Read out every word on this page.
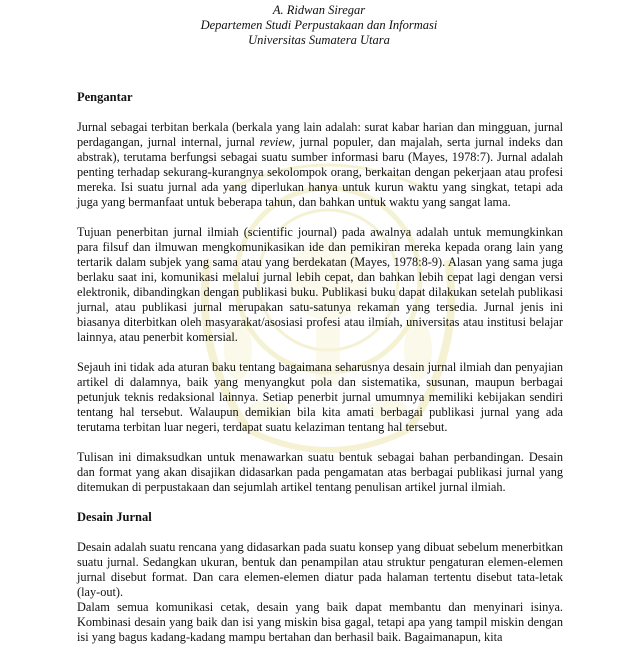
A. Ridwan Siregar
Departemen Studi Perpustakaan dan Informasi
Universitas Sumatera Utara
Pengantar

Jurnal sebagai terbitan berkala (berkala yang lain adalah: surat kabar harian dan mingguan, jurnal perdagangan, jurnal internal, jurnal review, jurnal populer, dan majalah, serta jurnal indeks dan abstrak), terutama berfungsi sebagai suatu sumber informasi baru (Mayes, 1978:7). Jurnal adalah penting terhadap sekurang-kurangnya sekolompok orang, berkaitan dengan pekerjaan atau profesi mereka. Isi suatu jurnal ada yang diperlukan hanya untuk kurun waktu yang singkat, tetapi ada juga yang bermanfaat untuk beberapa tahun, dan bahkan untuk waktu yang sangat lama.

Tujuan penerbitan jurnal ilmiah (scientific journal) pada awalnya adalah untuk memungkinkan para filsuf dan ilmuwan mengkomunikasikan ide dan pemikiran mereka kepada orang lain yang tertarik dalam subjek yang sama atau yang berdekatan (Mayes, 1978:8-9). Alasan yang sama juga berlaku saat ini, komunikasi melalui jurnal lebih cepat, dan bahkan lebih cepat lagi dengan versi elektronik, dibandingkan dengan publikasi buku. Publikasi buku dapat dilakukan setelah publikasi jurnal, atau publikasi jurnal merupakan satu-satunya rekaman yang tersedia. Jurnal jenis ini biasanya diterbitkan oleh masyarakat/asosiasi profesi atau ilmiah, universitas atau institusi belajar lainnya, atau penerbit komersial.

Sejauh ini tidak ada aturan baku tentang bagaimana seharusnya desain jurnal ilmiah dan penyajian artikel di dalamnya, baik yang menyangkut pola dan sistematika, susunan, maupun berbagai petunjuk teknis redaksional lainnya. Setiap penerbit jurnal umumnya memiliki kebijakan sendiri tentang hal tersebut. Walaupun demikian bila kita amati berbagai publikasi jurnal yang ada terutama terbitan luar negeri, terdapat suatu kelaziman tentang hal tersebut.

Tulisan ini dimaksudkan untuk menawarkan suatu bentuk sebagai bahan perbandingan. Desain dan format yang akan disajikan didasarkan pada pengamatan atas berbagai publikasi jurnal yang ditemukan di perpustakaan dan sejumlah artikel tentang penulisan artikel jurnal ilmiah.

Desain Jurnal

Desain adalah suatu rencana yang didasarkan pada suatu konsep yang dibuat sebelum menerbitkan suatu jurnal. Sedangkan ukuran, bentuk dan penampilan atau struktur pengaturan elemen-elemen jurnal disebut format. Dan cara elemen-elemen diatur pada halaman tertentu disebut tata-letak (lay-out).

Dalam semua komunikasi cetak, desain yang baik dapat membantu dan menyinari isinya. Kombinasi desain yang baik dan isi yang miskin bisa gagal, tetapi apa yang tampil miskin dengan isi yang bagus kadang-kadang mampu bertahan dan berhasil baik. Bagaimanapun, kita
